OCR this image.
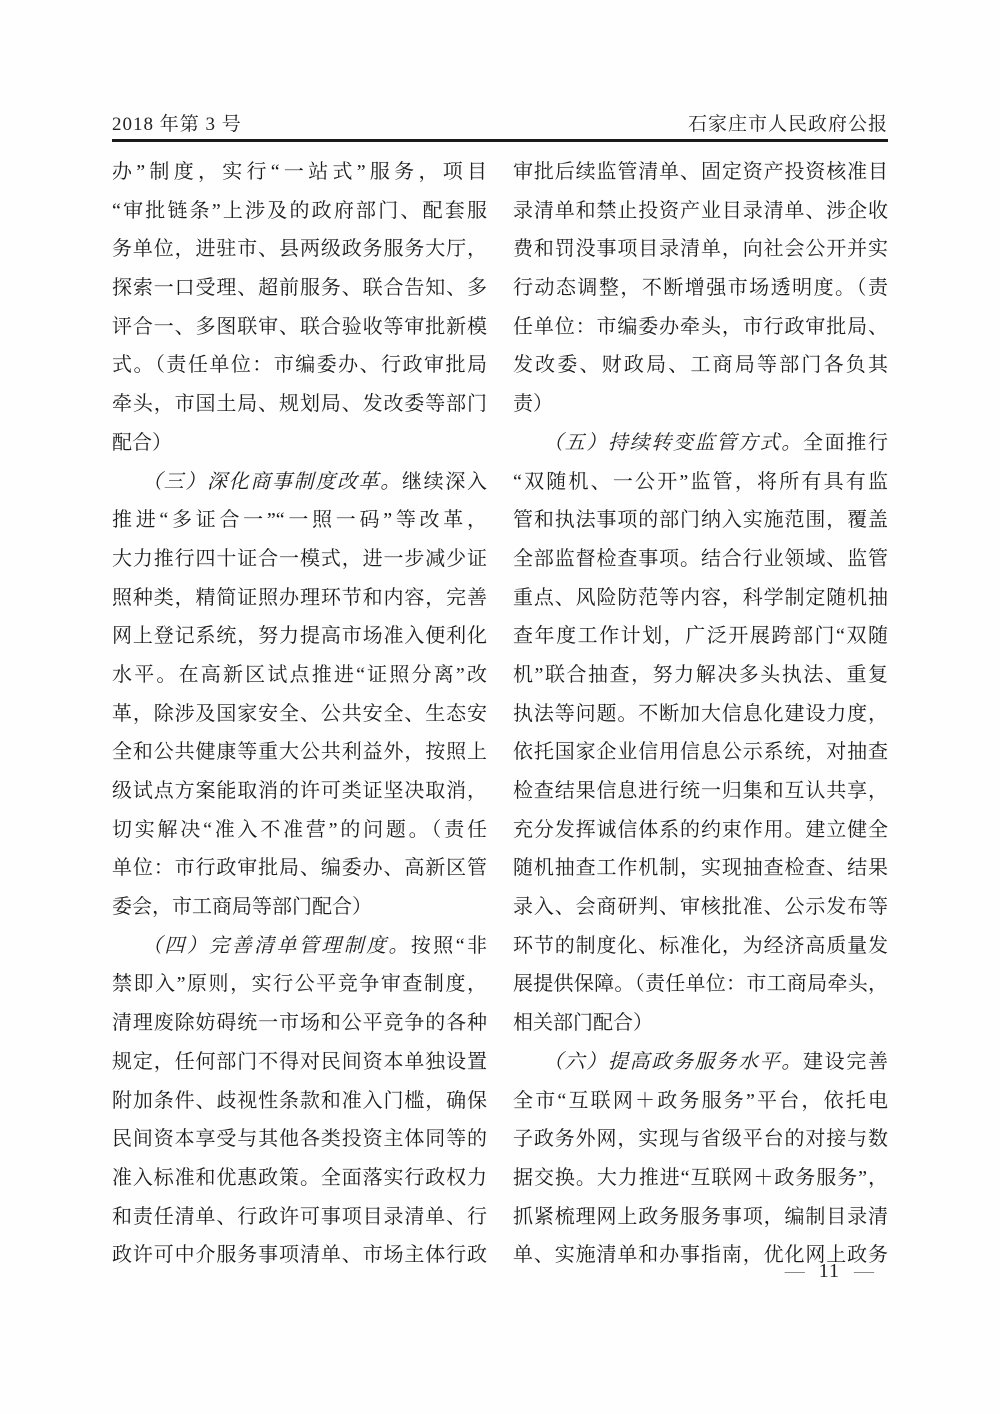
2018 年第 3 号	石家庄市人民政府公报
办”制度，实行“一站式”服务，项目
“审批链条”上涉及的政府部门、配套服
务单位，进驻市、县两级政务服务大厅，
探索一口受理、超前服务、联合告知、多
评合一、多图联审、联合验收等审批新模
式。（责任单位：市编委办、行政审批局
牵头，市国土局、规划局、发改委等部门
配合）
（三）深化商事制度改革。继续深入
推进“多证合一”“一照一码”等改革，
大力推行四十证合一模式，进一步减少证
照种类，精简证照办理环节和内容，完善
网上登记系统，努力提高市场准入便利化
水平。在高新区试点推进“证照分离”改
革，除涉及国家安全、公共安全、生态安
全和公共健康等重大公共利益外，按照上
级试点方案能取消的许可类证坚决取消，
切实解决“准入不准营”的问题。（责任
单位：市行政审批局、编委办、高新区管
委会，市工商局等部门配合）
（四）完善清单管理制度。按照“非
禁即入”原则，实行公平竞争审查制度，
清理废除妨碍统一市场和公平竞争的各种
规定，任何部门不得对民间资本单独设置
附加条件、歧视性条款和准入门槛，确保
民间资本享受与其他各类投资主体同等的
准入标准和优惠政策。全面落实行政权力
和责任清单、行政许可事项目录清单、行
政许可中介服务事项清单、市场主体行政
审批后续监管清单、固定资产投资核准目
录清单和禁止投资产业目录清单、涉企收
费和罚没事项目录清单，向社会公开并实
行动态调整，不断增强市场透明度。（责
任单位：市编委办牵头，市行政审批局、
发改委、财政局、工商局等部门各负其
责）
（五）持续转变监管方式。全面推行
“双随机、一公开”监管，将所有具有监
管和执法事项的部门纳入实施范围，覆盖
全部监督检查事项。结合行业领域、监管
重点、风险防范等内容，科学制定随机抽
查年度工作计划，广泛开展跨部门“双随
机”联合抽查，努力解决多头执法、重复
执法等问题。不断加大信息化建设力度，
依托国家企业信用信息公示系统，对抽查
检查结果信息进行统一归集和互认共享，
充分发挥诚信体系的约束作用。建立健全
随机抽查工作机制，实现抽查检查、结果
录入、会商研判、审核批准、公示发布等
环节的制度化、标准化，为经济高质量发
展提供保障。（责任单位：市工商局牵头，
相关部门配合）
（六）提高政务服务水平。建设完善
全市“互联网＋政务服务”平台，依托电
子政务外网，实现与省级平台的对接与数
据交换。大力推进“互联网＋政务服务”，
抓紧梳理网上政务服务事项，编制目录清
单、实施清单和办事指南，优化网上政务
— 11 —
